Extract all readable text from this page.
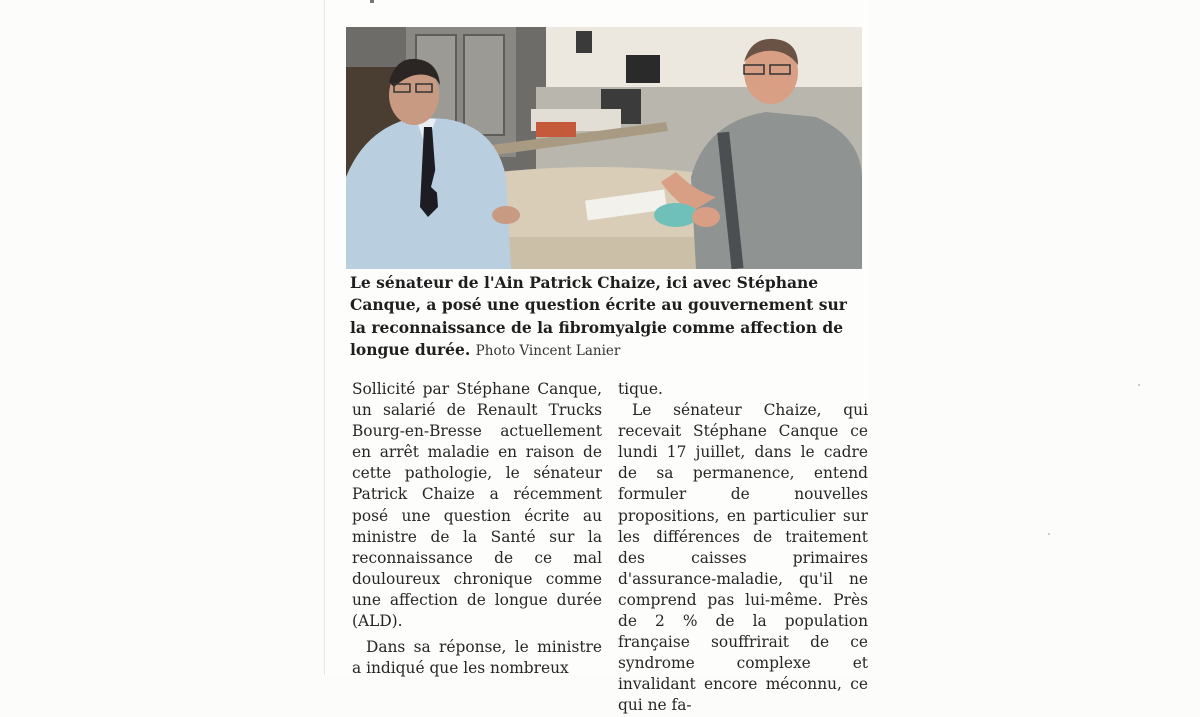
Le sénateur de l'Ain Patrick Chaize, ici avec Stéphane Canque, a posé une question écrite au gouvernement sur la reconnaissance de la fibromyalgie comme affection de longue durée. Photo Vincent Lanier

Sollicité par Stéphane Canque, un salarié de Renault Trucks Bourg-en-Bresse actuellement en arrêt maladie en raison de cette pathologie, le sénateur Patrick Chaize a récemment posé une question écrite au ministre de la Santé sur la reconnaissance de ce mal douloureux chronique comme une affection de longue durée (ALD).

Dans sa réponse, le ministre a indiqué que les nombreux

tique.

Le sénateur Chaize, qui recevait Stéphane Canque ce lundi 17 juillet, dans le cadre de sa permanence, entend formuler de nouvelles propositions, en particulier sur les différences de traitement des caisses primaires d'assurance-maladie, qu'il ne comprend pas lui-même. Près de 2 % de la population française souffrirait de ce syndrome complexe et invalidant encore méconnu, ce qui ne fa-
